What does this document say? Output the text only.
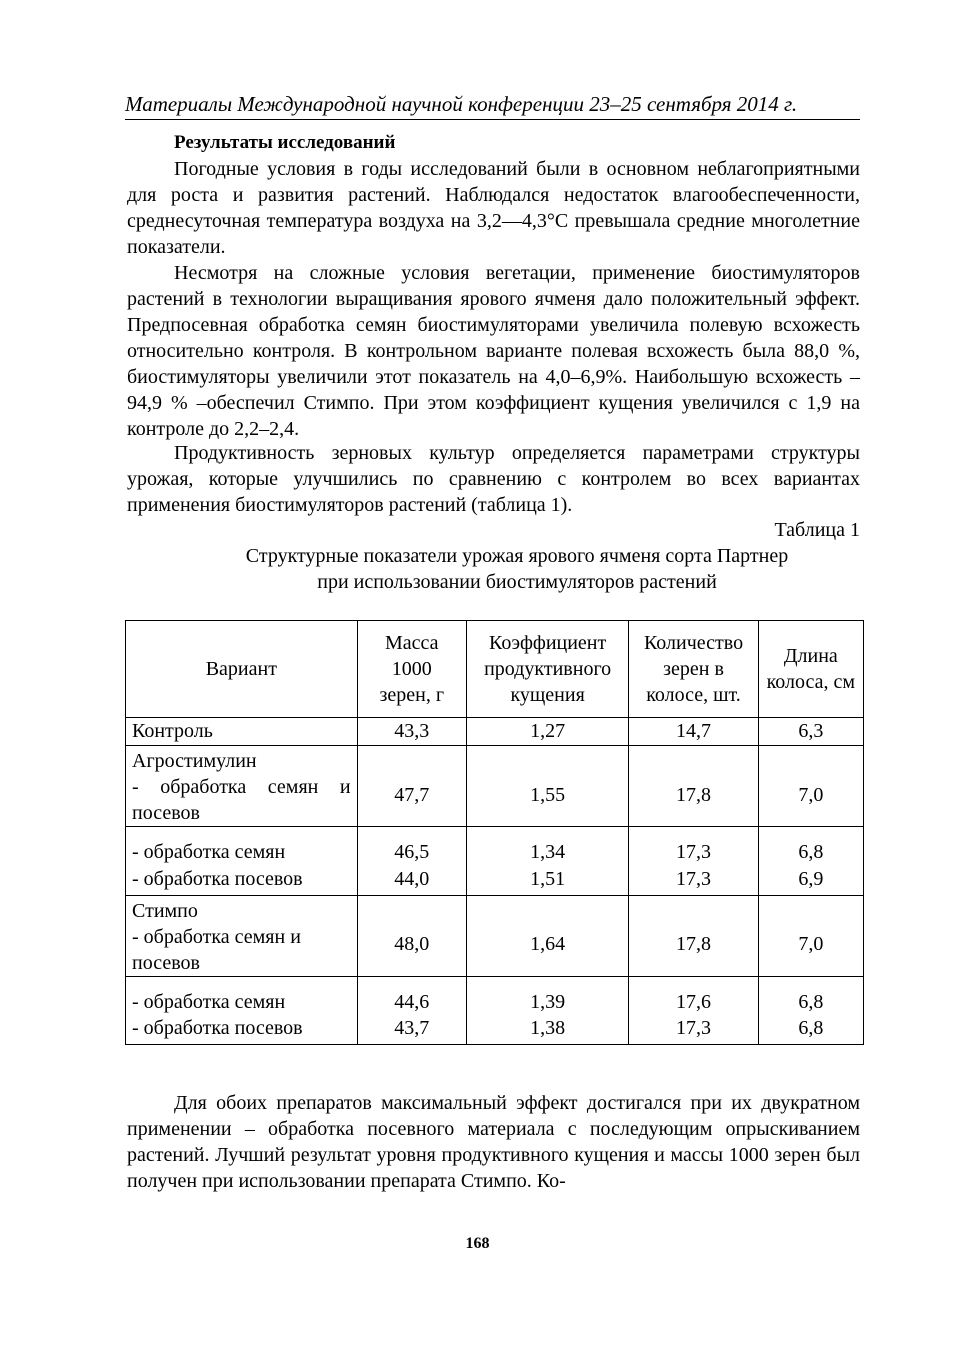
Материалы Международной научной конференции 23–25 сентября 2014 г.
Результаты исследований

Погодные условия в годы исследований были в основном неблагоприятными для роста и развития растений. Наблюдался недостаток влагообеспеченности, среднесуточная температура воздуха на 3,2—4,3°С превышала средние многолетние показатели.

Несмотря на сложные условия вегетации, применение биостимуляторов растений в технологии выращивания ярового ячменя дало положительный эффект. Предпосевная обработка семян биостимуляторами увеличила полевую всхожесть относительно контроля. В контрольном варианте полевая всхожесть была 88,0 %, биостимуляторы увеличили этот показатель на 4,0–6,9%. Наибольшую всхожесть – 94,9 % –обеспечил Стимпо. При этом коэффициент кущения увеличился с 1,9 на контроле до 2,2–2,4.

Продуктивность зерновых культур определяется параметрами структуры урожая, которые улучшились по сравнению с контролем во всех вариантах применения биостимуляторов растений (таблица 1).

Таблица 1
Структурные показатели урожая ярового ячменя сорта Партнер
при использовании биостимуляторов растений
Вариант	Масса 1000 зерен, г	Коэффициент продуктивного кущения	Количество зерен в колосе, шт.	Длина колоса, см
Контроль	43,3	1,27	14,7	6,3

Агростимулин
- обработка семян и
посевов	47,7	1,55	17,8	7,0
- обработка семян	46,5	1,34	17,3	6,8
- обработка посевов	44,0	1,51	17,3	6,9

Стимпо
- обработка семян и
посевов	48,0	1,64	17,8	7,0
- обработка семян	44,6	1,39	17,6	6,8
- обработка посевов	43,7	1,38	17,3	6,8

Для обоих препаратов максимальный эффект достигался при их двукратном применении – обработка посевного материала с последующим опрыскиванием растений. Лучший результат уровня продуктивного кущения и массы 1000 зерен был получен при использовании препарата Стимпо. Ко-

168
